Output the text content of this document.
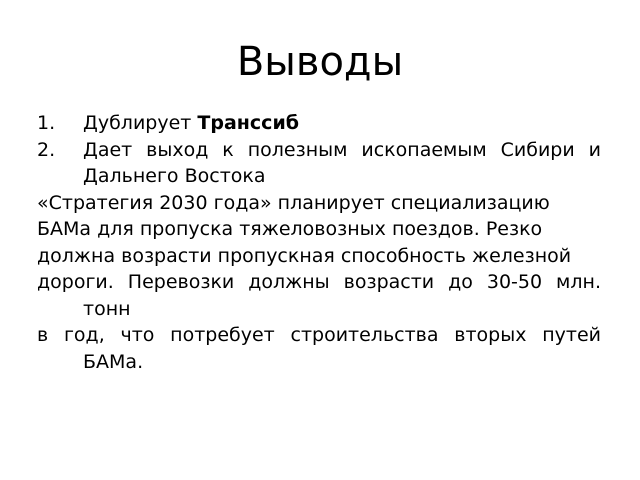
Выводы
1. Дублирует Транссиб
2. Дает выход к полезным ископаемым Сибири и Дальнего Востока
«Стратегия 2030 года» планирует специализацию
БАМа для пропуска тяжеловозных поездов. Резко
должна возрасти пропускная способность железной
дороги. Перевозки должны возрасти до 30-50 млн. тонн
в год, что потребует строительства вторых путей БАМа.
